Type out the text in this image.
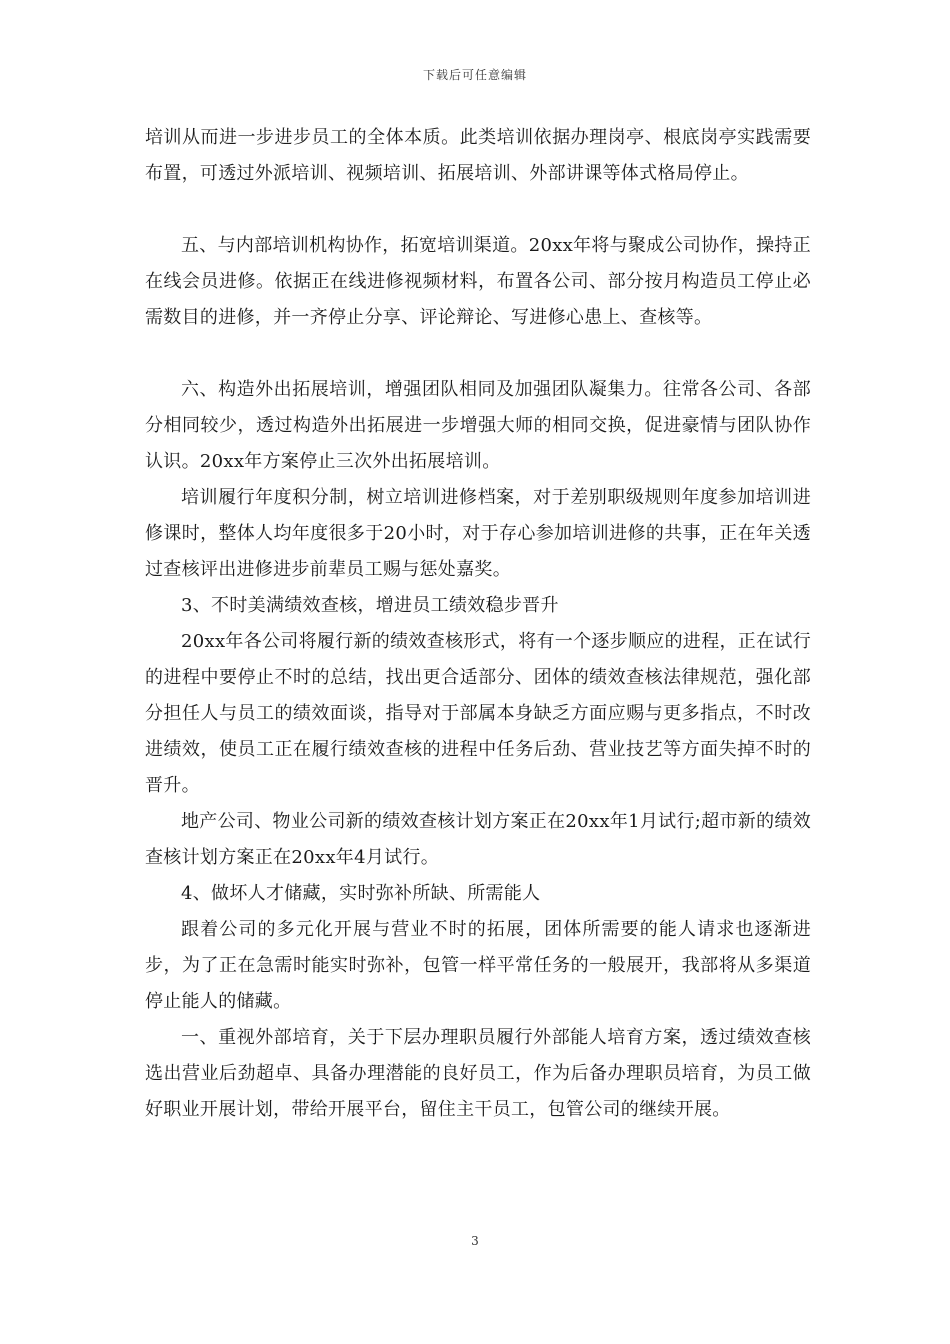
下载后可任意编辑

培训从而进一步进步员工的全体本质。此类培训依据办理岗亭、根底岗亭实践需要布置，可透过外派培训、视频培训、拓展培训、外部讲课等体式格局停止。

五、与内部培训机构协作，拓宽培训渠道。20xx年将与聚成公司协作，操持正在线会员进修。依据正在线进修视频材料，布置各公司、部分按月构造员工停止必需数目的进修，并一齐停止分享、评论辩论、写进修心患上、查核等。

六、构造外出拓展培训，增强团队相同及加强团队凝集力。往常各公司、各部分相同较少，透过构造外出拓展进一步增强大师的相同交换，促进豪情与团队协作认识。20xx年方案停止三次外出拓展培训。

培训履行年度积分制，树立培训进修档案，对于差别职级规则年度参加培训进修课时，整体人均年度很多于20小时，对于存心参加培训进修的共事，正在年关透过查核评出进修进步前辈员工赐与惩处嘉奖。

3、不时美满绩效查核，增进员工绩效稳步晋升

20xx年各公司将履行新的绩效查核形式，将有一个逐步顺应的进程，正在试行的进程中要停止不时的总结，找出更合适部分、团体的绩效查核法律规范，强化部分担任人与员工的绩效面谈，指导对于部属本身缺乏方面应赐与更多指点，不时改进绩效，使员工正在履行绩效查核的进程中任务后劲、营业技艺等方面失掉不时的晋升。

地产公司、物业公司新的绩效查核计划方案正在20xx年1月试行;超市新的绩效查核计划方案正在20xx年4月试行。

4、做坏人才储藏，实时弥补所缺、所需能人

跟着公司的多元化开展与营业不时的拓展，团体所需要的能人请求也逐渐进步，为了正在急需时能实时弥补，包管一样平常任务的一般展开，我部将从多渠道停止能人的储藏。

一、重视外部培育，关于下层办理职员履行外部能人培育方案，透过绩效查核选出营业后劲超卓、具备办理潜能的良好员工，作为后备办理职员培育，为员工做好职业开展计划，带给开展平台，留住主干员工，包管公司的继续开展。

3
